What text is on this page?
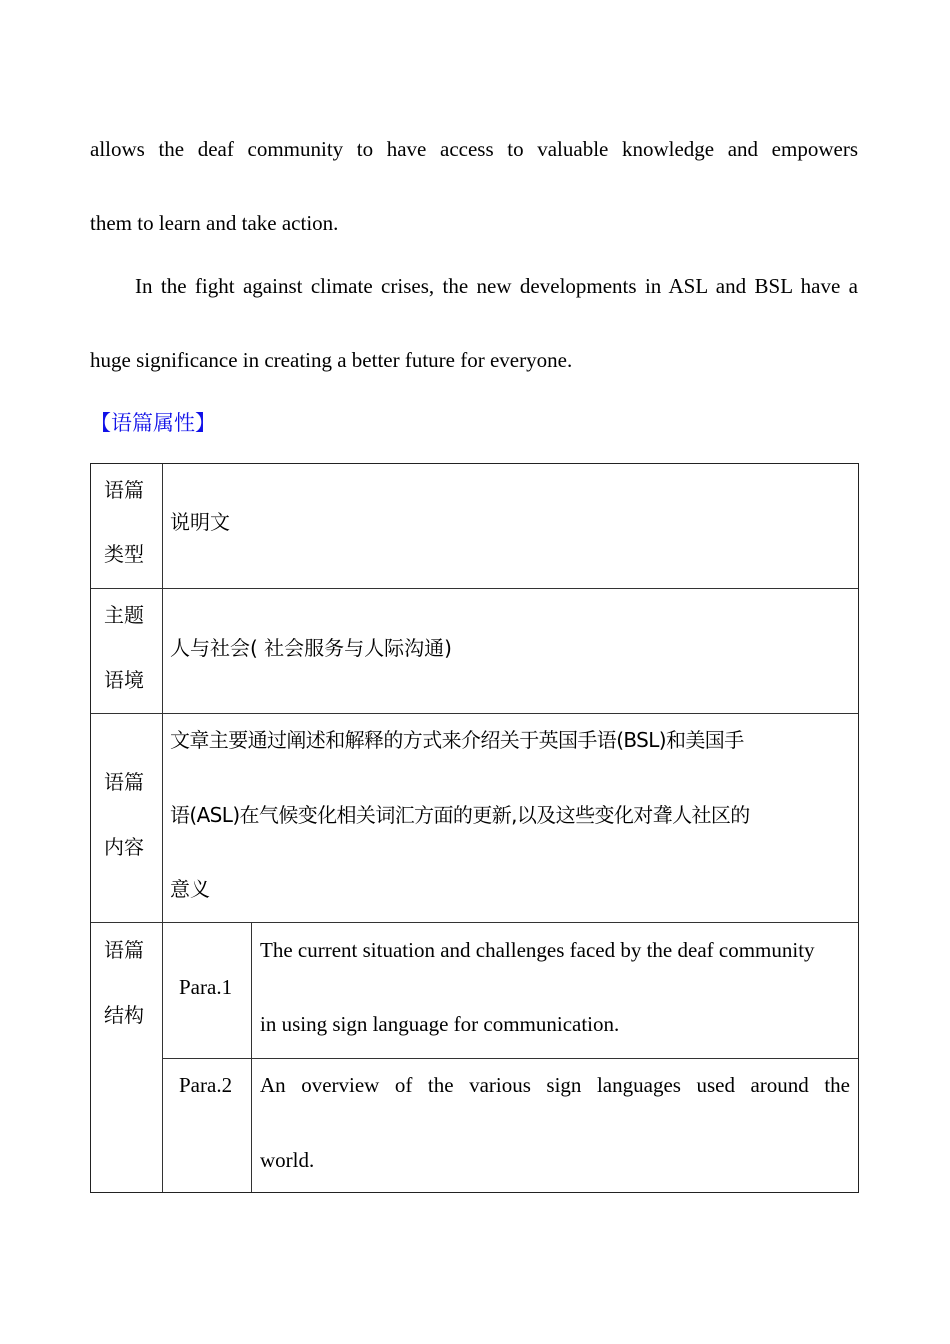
allows the deaf community to have access to valuable knowledge and empowers
them to learn and take action.
In the fight against climate crises, the new developments in ASL and BSL have a
huge significance in creating a better future for everyone.
【语篇属性】
语篇
类型
说明文
主题
语境
人与社会( 社会服务与人际沟通)
语篇
内容
文章主要通过阐述和解释的方式来介绍关于英国手语(BSL)和美国手
语(ASL)在气候变化相关词汇方面的更新,以及这些变化对聋人社区的
意义
语篇
结构
Para.1
The current situation and challenges faced by the deaf community
in using sign language for communication.
Para.2 An overview of the various sign languages used around the
world.
